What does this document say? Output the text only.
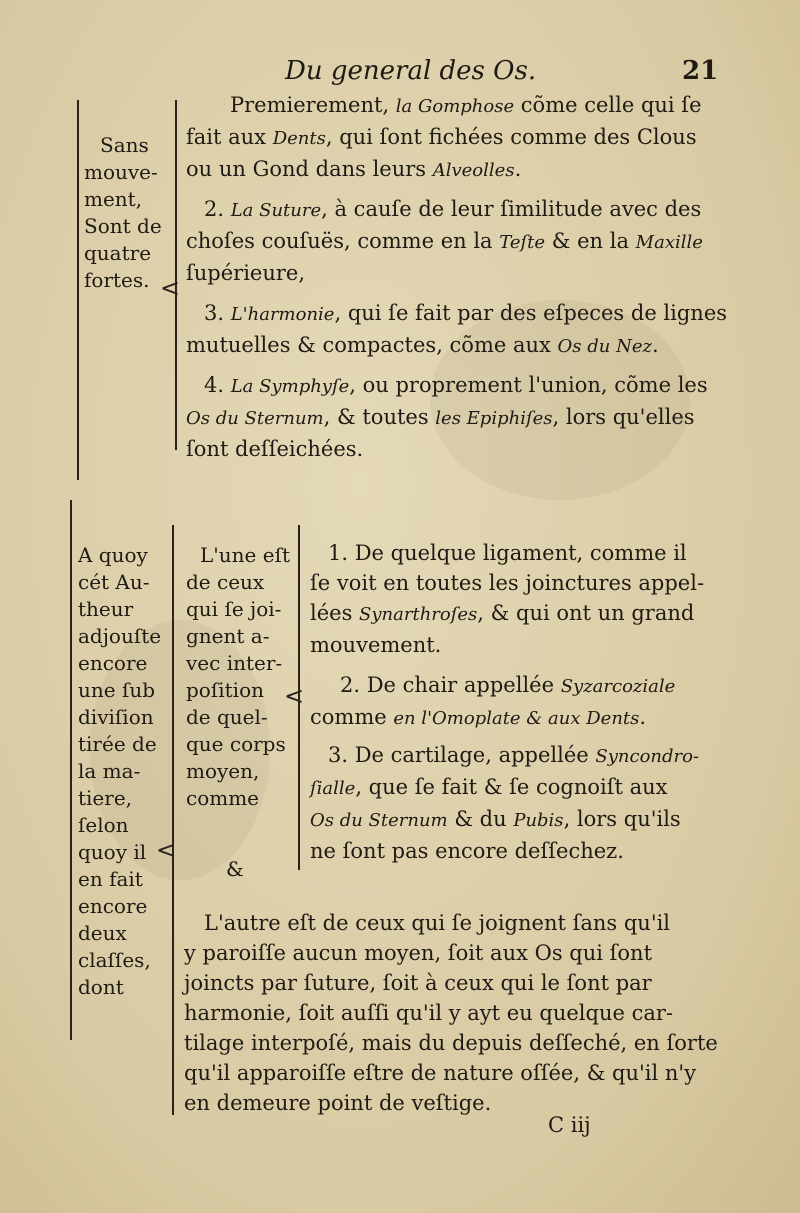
Du general des Os.	21
Sans
mouve-
ment,
Sont de
quatre
fortes. <
Premierement, la Gomphose cõme celle qui ſe
fait aux Dents, qui ſont fichées comme des Clous
ou un Gond dans leurs Alveolles.
2. La Suture, à cauſe de leur ſimilitude avec des
choſes couſuës, comme en la Teſte & en la Maxille
ſupérieure,
3. L'harmonie, qui ſe fait par des eſpeces de lignes
mutuelles & compactes, cõme aux Os du Nez.
4. La Symphyſe, ou proprement l'union, cõme les
Os du Sternum, & toutes les Epiphiſes, lors qu'elles
ſont deſſeichées.
A quoy
cét Au-
theur
adjouſte
encore
une ſub
diviſion
tirée de
la ma-
tiere,
ſelon
quoy il
en fait
encore
deux
claſſes,
dont
<
L'une eſt
de ceux
qui ſe joi-
gnent a-
vec inter-
poſition
de quel-
que corps
moyen,
comme
&
<
1. De quelque ligament, comme il
ſe voit en toutes les joinctures appel-
lées Synarthroſes, & qui ont un grand
mouvement.
2. De chair appellée Syzarcoziale
comme en l'Omoplate & aux Dents.
3. De cartilage, appellée Syncondro-
ſialle, que ſe fait & ſe cognoiſt aux
Os du Sternum & du Pubis, lors qu'ils
ne ſont pas encore deſſechez.
L'autre eſt de ceux qui ſe joignent ſans qu'il
y paroiſſe aucun moyen, ſoit aux Os qui ſont
joincts par ſuture, ſoit à ceux qui le ſont par
harmonie, ſoit auſſi qu'il y ayt eu quelque car-
tilage interpoſé, mais du depuis deſſeché, en ſorte
qu'il apparoiſſe eſtre de nature oſſée, & qu'il n'y
en demeure point de veſtige.
C iij
